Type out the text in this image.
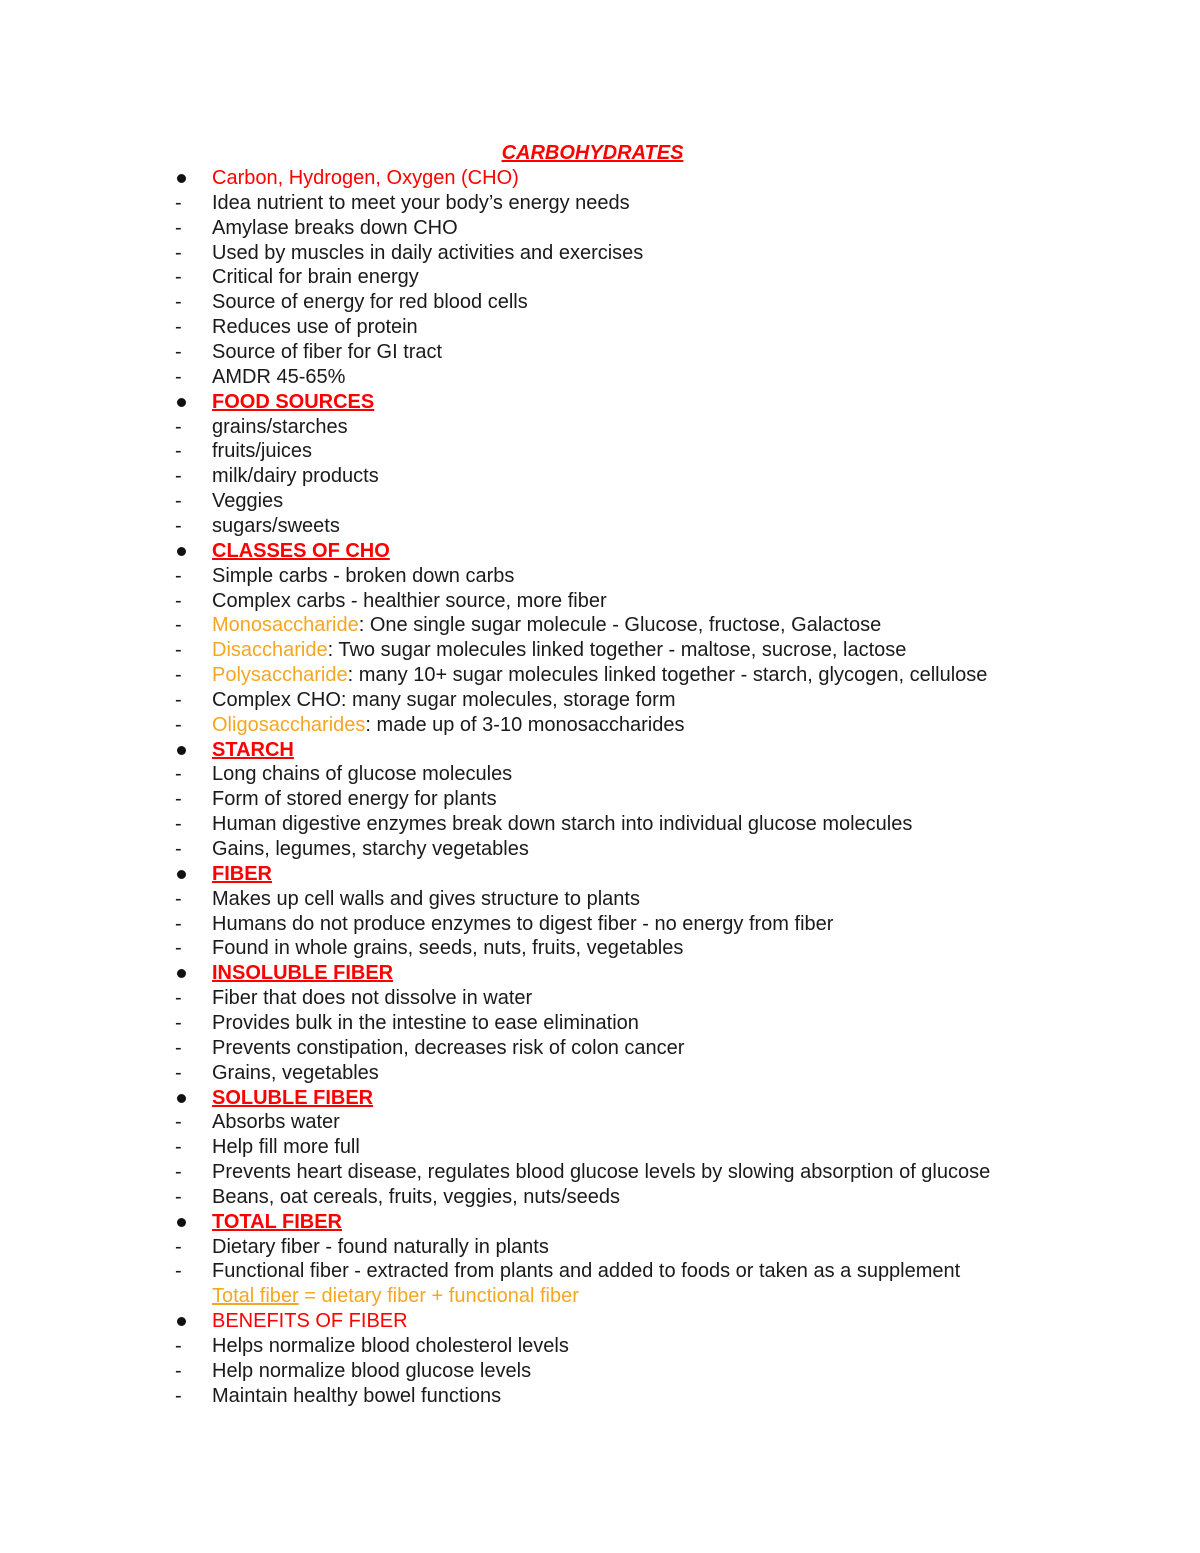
CARBOHYDRATES
Carbon, Hydrogen, Oxygen (CHO)
- Idea nutrient to meet your body’s energy needs
- Amylase breaks down CHO
- Used by muscles in daily activities and exercises
- Critical for brain energy
- Source of energy for red blood cells
- Reduces use of protein
- Source of fiber for GI tract
- AMDR 45-65%
FOOD SOURCES
- grains/starches
- fruits/juices
- milk/dairy products
- Veggies
- sugars/sweets
CLASSES OF CHO
- Simple carbs - broken down carbs
- Complex carbs - healthier source, more fiber
- Monosaccharide: One single sugar molecule - Glucose, fructose, Galactose
- Disaccharide: Two sugar molecules linked together - maltose, sucrose, lactose
- Polysaccharide: many 10+ sugar molecules linked together - starch, glycogen, cellulose
- Complex CHO: many sugar molecules, storage form
- Oligosaccharides: made up of 3-10 monosaccharides
STARCH
- Long chains of glucose molecules
- Form of stored energy for plants
- Human digestive enzymes break down starch into individual glucose molecules
- Gains, legumes, starchy vegetables
FIBER
- Makes up cell walls and gives structure to plants
- Humans do not produce enzymes to digest fiber - no energy from fiber
- Found in whole grains, seeds, nuts, fruits, vegetables
INSOLUBLE FIBER
- Fiber that does not dissolve in water
- Provides bulk in the intestine to ease elimination
- Prevents constipation, decreases risk of colon cancer
- Grains, vegetables
SOLUBLE FIBER
- Absorbs water
- Help fill more full
- Prevents heart disease, regulates blood glucose levels by slowing absorption of glucose
- Beans, oat cereals, fruits, veggies, nuts/seeds
TOTAL FIBER
- Dietary fiber - found naturally in plants
- Functional fiber - extracted from plants and added to foods or taken as a supplement
Total fiber = dietary fiber + functional fiber
BENEFITS OF FIBER
- Helps normalize blood cholesterol levels
- Help normalize blood glucose levels
- Maintain healthy bowel functions
